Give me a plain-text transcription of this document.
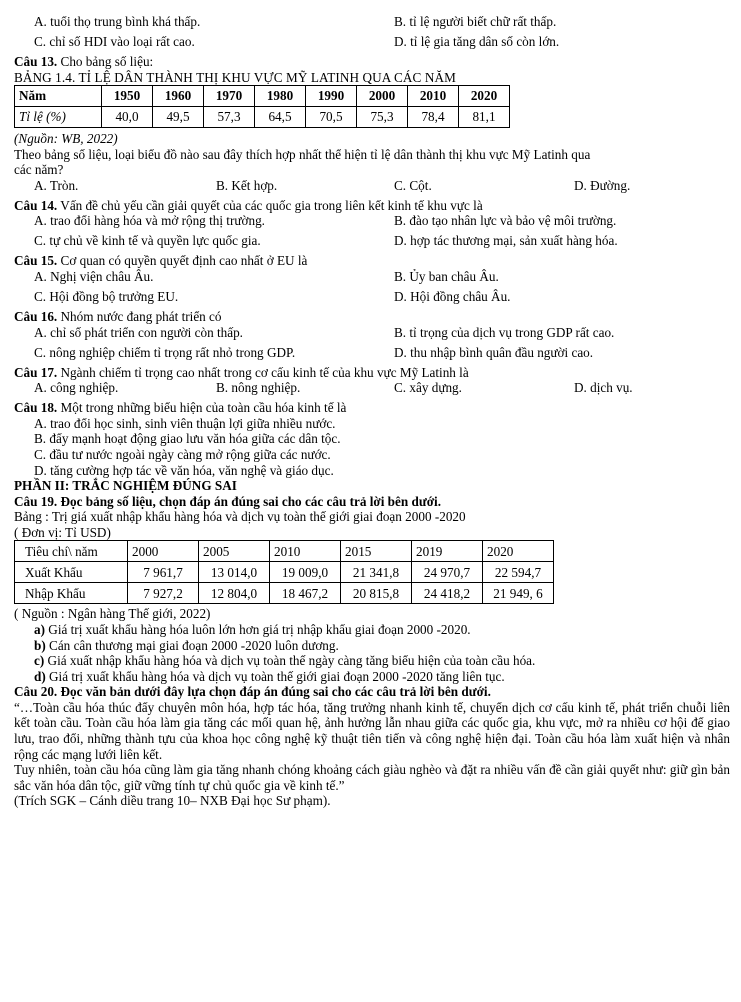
A. tuổi thọ trung bình khá thấp.	B. tỉ lệ người biết chữ rất thấp.
C. chỉ số HDI vào loại rất cao.	D. tỉ lệ gia tăng dân số còn lớn.

Câu 13. Cho bảng số liệu:

BẢNG 1.4. TỈ LỆ DÂN THÀNH THỊ KHU VỰC MỸ LATINH QUA CÁC NĂM

Năm	1950	1960	1970	1980	1990	2000	2010	2020
Tỉ lệ (%)	40,0	49,5	57,3	64,5	70,5	75,3	78,4	81,1

(Nguồn: WB, 2022)

Theo bảng số liệu, loại biểu đồ nào sau đây thích hợp nhất thể hiện tỉ lệ dân thành thị khu vực Mỹ Latinh qua

các năm?

A. Tròn.	B. Kết hợp.	C. Cột.	D. Đường.

Câu 14. Vấn đề chủ yếu cần giải quyết của các quốc gia trong liên kết kinh tế khu vực là

A. trao đổi hàng hóa và mở rộng thị trường.	B. đào tạo nhân lực và bảo vệ môi trường.
C. tự chủ về kinh tế và quyền lực quốc gia.	D. hợp tác thương mại, sản xuất hàng hóa.

Câu 15. Cơ quan có quyền quyết định cao nhất ở EU là

A. Nghị viện châu Âu.	B. Ủy ban châu Âu.
C. Hội đồng bộ trưởng EU.	D. Hội đồng châu Âu.

Câu 16. Nhóm nước đang phát triển có

A. chỉ số phát triển con người còn thấp.	B. tỉ trọng của dịch vụ trong GDP rất cao.
C. nông nghiệp chiếm tỉ trọng rất nhỏ trong GDP.	D. thu nhập bình quân đầu người cao.

Câu 17. Ngành chiếm tỉ trọng cao nhất trong cơ cấu kinh tế của khu vực Mỹ Latinh là

A. công nghiệp.	B. nông nghiệp.	C. xây dựng.	D. dịch vụ.

Câu 18. Một trong những biểu hiện của toàn cầu hóa kinh tế là

A. trao đổi học sinh, sinh viên thuận lợi giữa nhiều nước.

B. đẩy mạnh hoạt động giao lưu văn hóa giữa các dân tộc.

C. đầu tư nước ngoài ngày càng mở rộng giữa các nước.

D. tăng cường hợp tác về văn hóa, văn nghệ và giáo dục.

PHẦN II: TRẮC NGHIỆM ĐÚNG SAI

Câu 19. Đọc bảng số liệu, chọn đáp án đúng sai cho các câu trả lời bên dưới.

Bảng : Trị giá xuất nhập khẩu hàng hóa và dịch vụ toàn thế giới giai đoạn 2000 -2020

( Đơn vị: Tỉ USD)

Tiêu chí\ năm	2000	2005	2010	2015	2019	2020
Xuất Khẩu	7 961,7	13 014,0	19 009,0	21 341,8	24 970,7	22 594,7
Nhập Khẩu	7 927,2	12 804,0	18 467,2	20 815,8	24 418,2	21 949, 6

( Nguồn : Ngân hàng Thế giới, 2022)

a) Giá trị xuất khẩu hàng hóa luôn lớn hơn giá trị nhập khẩu giai đoạn 2000 -2020.

b) Cán cân thương mại giai đoạn 2000 -2020 luôn dương.

c) Giá xuất nhập khẩu hàng hóa và dịch vụ toàn thế ngày càng tăng biểu hiện của toàn cầu hóa.

d) Giá trị xuất khẩu hàng hóa và dịch vụ toàn thế giới giai đoạn 2000 -2020 tăng liên tục.

Câu 20. Đọc văn bản dưới đây lựa chọn đáp án đúng sai cho các câu trả lời bên dưới.

“…Toàn cầu hóa thúc đẩy chuyên môn hóa, hợp tác hóa, tăng trưởng nhanh kinh tế, chuyển dịch cơ cấu kinh tế, phát triển chuỗi liên kết toàn cầu. Toàn cầu hóa làm gia tăng các mối quan hệ, ảnh hưởng lẫn nhau giữa các quốc gia, khu vực, mở ra nhiều cơ hội để giao lưu, trao đổi, những thành tựu của khoa học công nghệ kỹ thuật tiên tiến và công nghệ hiện đại. Toàn cầu hóa làm xuất hiện và nhân rộng các mạng lưới liên kết.

Tuy nhiên, toàn cầu hóa cũng làm gia tăng nhanh chóng khoảng cách giàu nghèo và đặt ra nhiều vấn đề cần giải quyết như: giữ gìn bản sắc văn hóa dân tộc, giữ vững tính tự chủ quốc gia về kinh tế.”

(Trích SGK – Cánh diều trang 10– NXB Đại học Sư phạm).
